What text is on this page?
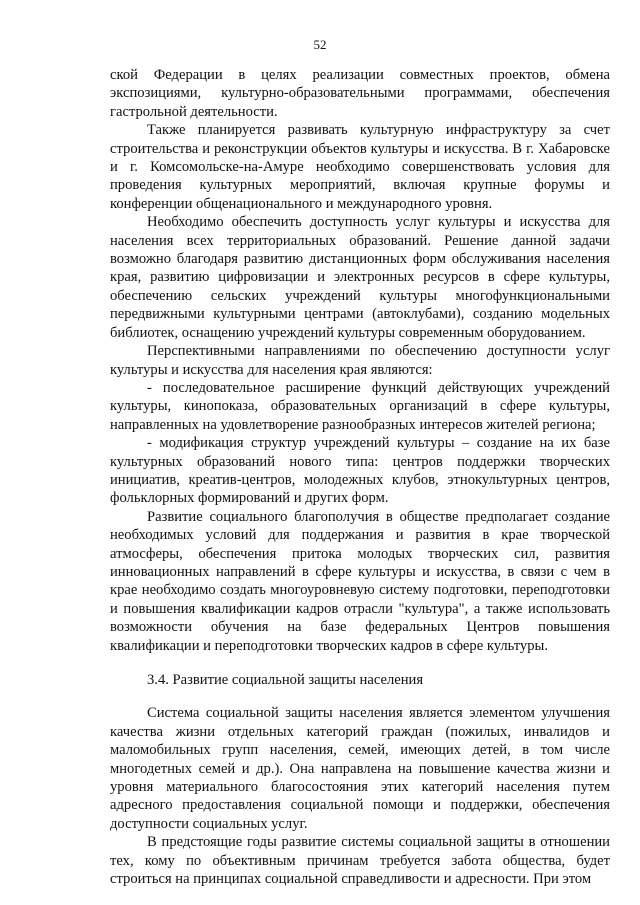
52

ской Федерации в целях реализации совместных проектов, обмена экспозициями, культурно-образовательными программами, обеспечения гастрольной деятельности.

Также планируется развивать культурную инфраструктуру за счет строительства и реконструкции объектов культуры и искусства. В г. Хабаровске и г. Комсомольске-на-Амуре необходимо совершенствовать условия для проведения культурных мероприятий, включая крупные форумы и конференции общенационального и международного уровня.

Необходимо обеспечить доступность услуг культуры и искусства для населения всех территориальных образований. Решение данной задачи возможно благодаря развитию дистанционных форм обслуживания населения края, развитию цифровизации и электронных ресурсов в сфере культуры, обеспечению сельских учреждений культуры многофункциональными передвижными культурными центрами (автоклубами), созданию модельных библиотек, оснащению учреждений культуры современным оборудованием.

Перспективными направлениями по обеспечению доступности услуг культуры и искусства для населения края являются:

- последовательное расширение функций действующих учреждений культуры, кинопоказа, образовательных организаций в сфере культуры, направленных на удовлетворение разнообразных интересов жителей региона;

- модификация структур учреждений культуры – создание на их базе культурных образований нового типа: центров поддержки творческих инициатив, креатив-центров, молодежных клубов, этнокультурных центров, фольклорных формирований и других форм.

Развитие социального благополучия в обществе предполагает создание необходимых условий для поддержания и развития в крае творческой атмосферы, обеспечения притока молодых творческих сил, развития инновационных направлений в сфере культуры и искусства, в связи с чем в крае необходимо создать многоуровневую систему подготовки, переподготовки и повышения квалификации кадров отрасли "культура", а также использовать возможности обучения на базе федеральных Центров повышения квалификации и переподготовки творческих кадров в сфере культуры.

3.4. Развитие социальной защиты населения

Система социальной защиты населения является элементом улучшения качества жизни отдельных категорий граждан (пожилых, инвалидов и маломобильных групп населения, семей, имеющих детей, в том числе многодетных семей и др.). Она направлена на повышение качества жизни и уровня материального благосостояния этих категорий населения путем адресного предоставления социальной помощи и поддержки, обеспечения доступности социальных услуг.

В предстоящие годы развитие системы социальной защиты в отношении тех, кому по объективным причинам требуется забота общества, будет строиться на принципах социальной справедливости и адресности. При этом
